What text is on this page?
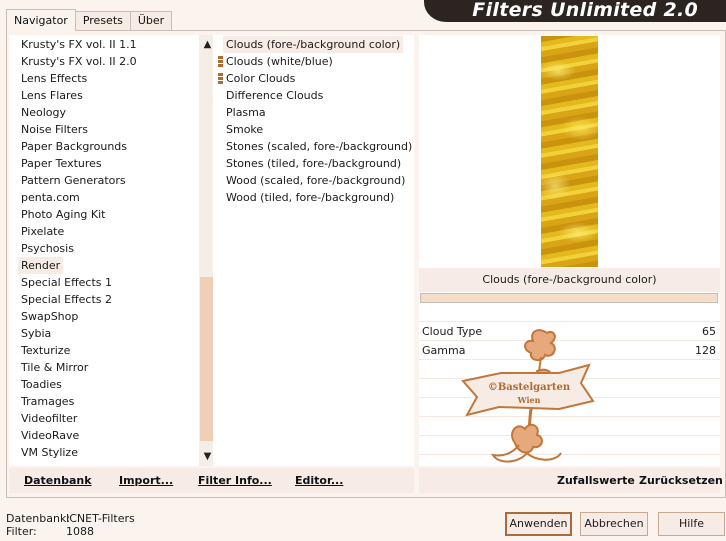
Navigator	Presets	Über	Filters Unlimited 2.0
Krusty's FX vol. II 1.1
Krusty's FX vol. II 2.0
Lens Effects
Lens Flares
Neology
Noise Filters
Paper Backgrounds
Paper Textures
Pattern Generators
penta.com
Photo Aging Kit
Pixelate
Psychosis
Render
Special Effects 1
Special Effects 2
SwapShop
Sybia
Texturize
Tile & Mirror
Toadies
Tramages
Videofilter
VideoRave
VM Stylize
▲
▼
Clouds (fore-/background color)
Clouds (white/blue)
Color Clouds
Difference Clouds
Plasma
Smoke
Stones (scaled, fore-/background)
Stones (tiled, fore-/background)
Wood (scaled, fore-/background)
Wood (tiled, fore-/background)
Clouds (fore-/background color)
Cloud Type	65
Gamma	128
©Bastelgarten
Wien
Datenbank Import... Filter Info... Editor...	Zufallswerte Zurücksetzen
Datenbank:ICNET-Filters
Filter:	1088
Anwenden	Abbrechen	Hilfe
